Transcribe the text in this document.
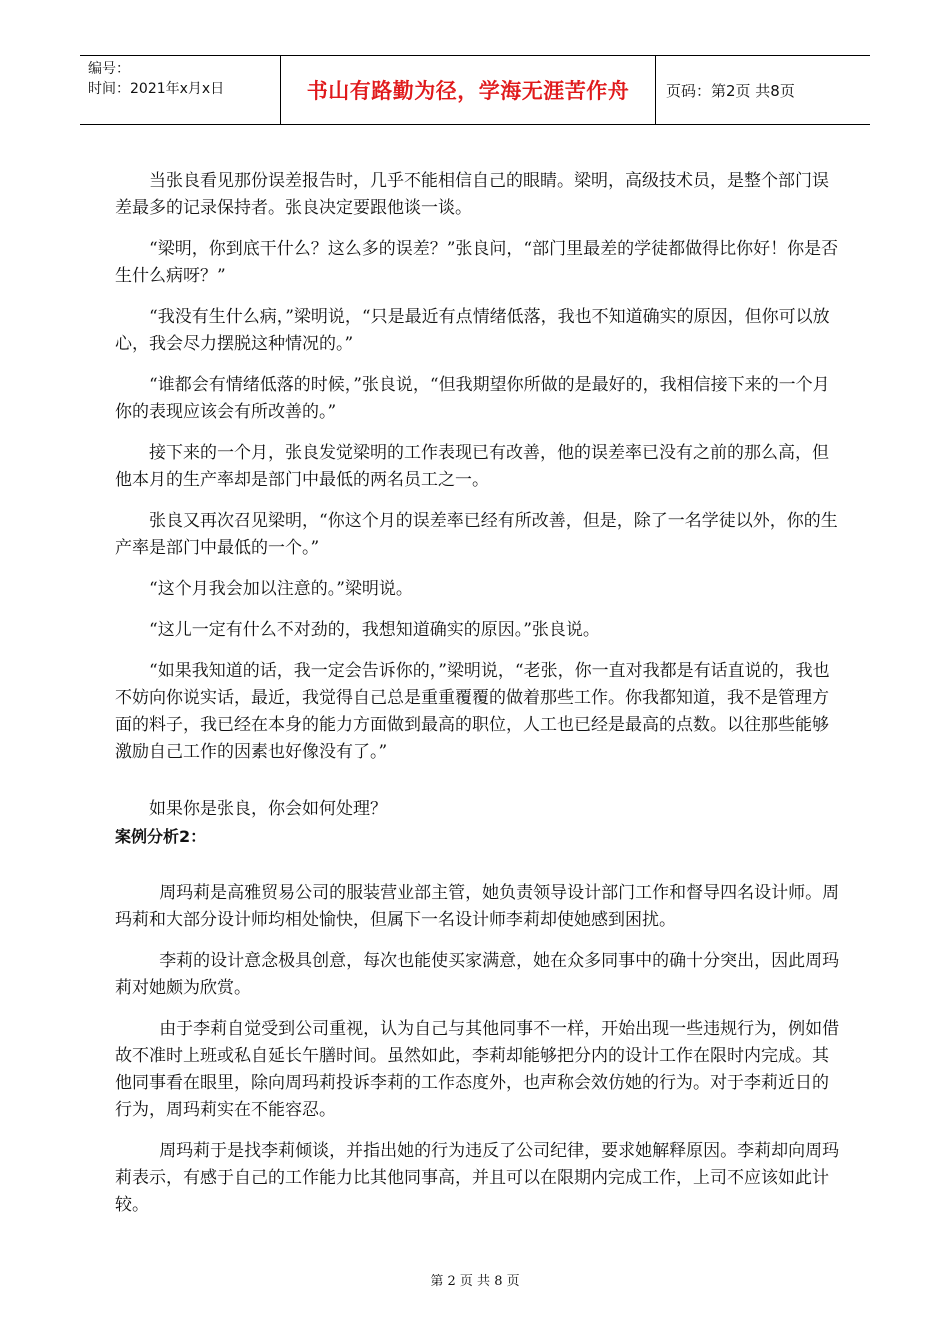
编号：
时间：2021年x月x日	书山有路勤为径，学海无涯苦作舟	页码：第2页 共8页

当张良看见那份误差报告时，几乎不能相信自己的眼睛。梁明，高级技术员，是整个部门误差最多的记录保持者。张良决定要跟他谈一谈。

“梁明，你到底干什么？这么多的误差？”张良问，“部门里最差的学徒都做得比你好！你是否生什么病呀？”

“我没有生什么病，”梁明说，“只是最近有点情绪低落，我也不知道确实的原因，但你可以放心，我会尽力摆脱这种情况的。”

“谁都会有情绪低落的时候，”张良说，“但我期望你所做的是最好的，我相信接下来的一个月你的表现应该会有所改善的。”

接下来的一个月，张良发觉梁明的工作表现已有改善，他的误差率已没有之前的那么高，但他本月的生产率却是部门中最低的两名员工之一。

张良又再次召见梁明，“你这个月的误差率已经有所改善，但是，除了一名学徒以外，你的生产率是部门中最低的一个。”

“这个月我会加以注意的。”梁明说。

“这儿一定有什么不对劲的，我想知道确实的原因。”张良说。

“如果我知道的话，我一定会告诉你的，”梁明说，“老张，你一直对我都是有话直说的，我也不妨向你说实话，最近，我觉得自己总是重重覆覆的做着那些工作。你我都知道，我不是管理方面的料子，我已经在本身的能力方面做到最高的职位，人工也已经是最高的点数。以往那些能够激励自己工作的因素也好像没有了。”

如果你是张良，你会如何处理？

案例分析2：

周玛莉是高雅贸易公司的服装营业部主管，她负责领导设计部门工作和督导四名设计师。周玛莉和大部分设计师均相处愉快，但属下一名设计师李莉却使她感到困扰。

李莉的设计意念极具创意，每次也能使买家满意，她在众多同事中的确十分突出，因此周玛莉对她颇为欣赏。

由于李莉自觉受到公司重视，认为自己与其他同事不一样，开始出现一些违规行为，例如借故不准时上班或私自延长午膳时间。虽然如此，李莉却能够把分内的设计工作在限时内完成。其他同事看在眼里，除向周玛莉投诉李莉的工作态度外，也声称会效仿她的行为。对于李莉近日的行为，周玛莉实在不能容忍。

周玛莉于是找李莉倾谈，并指出她的行为违反了公司纪律，要求她解释原因。李莉却向周玛莉表示，有感于自己的工作能力比其他同事高，并且可以在限期内完成工作，上司不应该如此计较。

第 2 页 共 8 页
